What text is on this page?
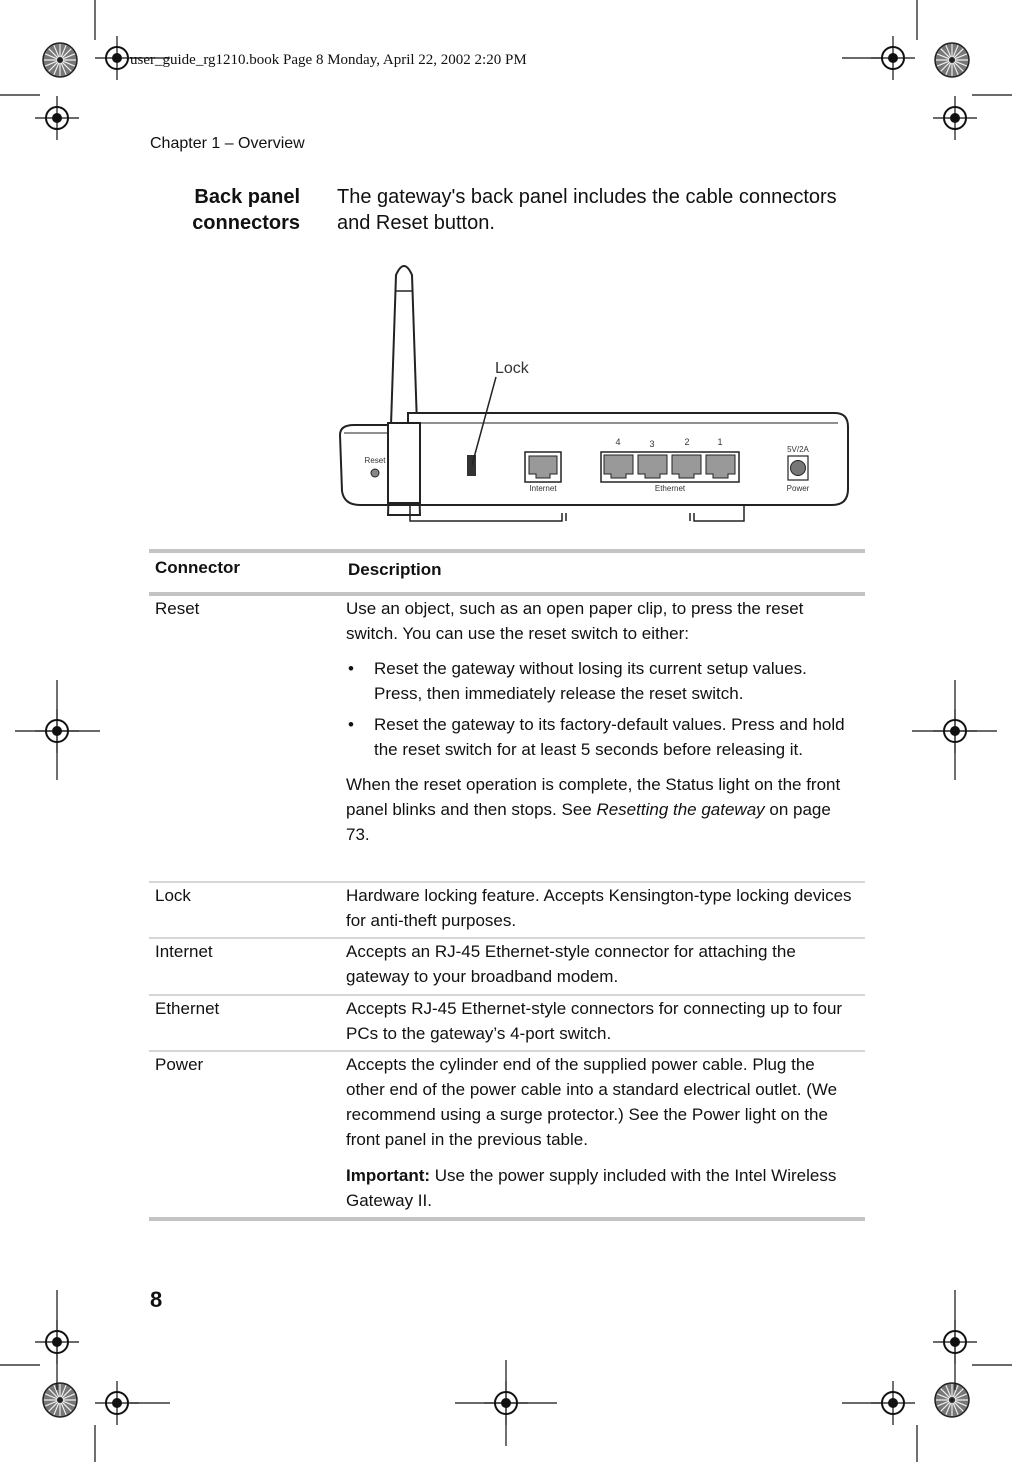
user_guide_rg1210.book Page 8 Monday, April 22, 2002 2:20 PM
Chapter 1 – Overview
Back panel
connectors
The gateway's back panel includes the cable connectors and Reset button.
Reset
Lock
Internet
4	3	2	1
Ethernet
5V/2A
Power
Connector	Description
Reset	Use an object, such as an open paper clip, to press the reset switch. You can use the reset switch to either:

• Reset the gateway without losing its current setup values. Press, then immediately release the reset switch.
• Reset the gateway to its factory-default values. Press and hold the reset switch for at least 5 seconds before releasing it.

When the reset operation is complete, the Status light on the front panel blinks and then stops. See Resetting the gateway on page 73.

Lock	Hardware locking feature. Accepts Kensington-type locking devices for anti-theft purposes.
Internet	Accepts an RJ-45 Ethernet-style connector for attaching the gateway to your broadband modem.
Ethernet	Accepts RJ-45 Ethernet-style connectors for connecting up to four PCs to the gateway’s 4-port switch.
Power	Accepts the cylinder end of the supplied power cable. Plug the other end of the power cable into a standard electrical outlet. (We recommend using a surge protector.) See the Power light on the front panel in the previous table.

Important: Use the power supply included with the Intel Wireless Gateway II.

8
